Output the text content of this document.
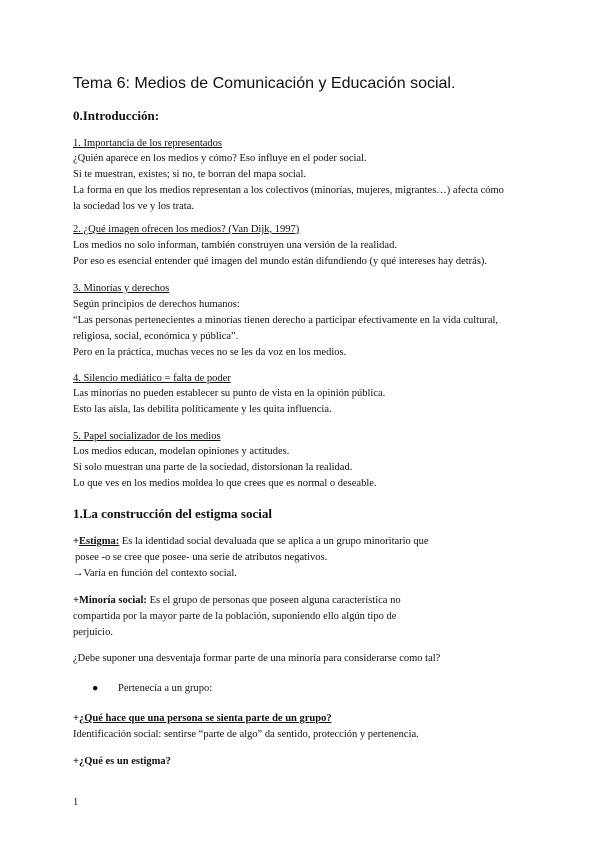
Tema 6: Medios de Comunicación y Educación social.
0.Introducción:
1. Importancia de los representados
¿Quién aparece en los medios y cómo? Eso influye en el poder social.
Si te muestran, existes; si no, te borran del mapa social.
La forma en que los medios representan a los colectivos (minorías, mujeres, migrantes…) afecta cómo
la sociedad los ve y los trata.
2. ¿Qué imagen ofrecen los medios? (Van Dijk, 1997)
Los medios no solo informan, también construyen una versión de la realidad.
Por eso es esencial entender qué imagen del mundo están difundiendo (y qué intereses hay detrás).
3. Minorías y derechos
Según principios de derechos humanos:
“Las personas pertenecientes a minorías tienen derecho a participar efectivamente en la vida cultural,
religiosa, social, económica y pública”.
Pero en la práctica, muchas veces no se les da voz en los medios.
4. Silencio mediático = falta de poder
Las minorías no pueden establecer su punto de vista en la opinión pública.
Esto las aísla, las debilita políticamente y les quita influencia.
5. Papel socializador de los medios
Los medios educan, modelan opiniones y actitudes.
Si solo muestran una parte de la sociedad, distorsionan la realidad.
Lo que ves en los medios moldea lo que crees que es normal o deseable.
1.La construcción del estigma social
+Estigma: Es la identidad social devaluada que se aplica a un grupo minoritario que
posee -o se cree que posee- una serie de atributos negativos.
→Varía en función del contexto social.
+Minoría social: Es el grupo de personas que poseen alguna característica no
compartida por la mayor parte de la población, suponiendo ello algún tipo de
perjuicio.
¿Debe suponer una desventaja formar parte de una minoría para considerarse como tal?
● Pertenecía a un grupo:
+¿Qué hace que una persona se sienta parte de un grupo?
Identificación social: sentirse “parte de algo” da sentido, protección y pertenencia.
+¿Qué es un estigma?
1
